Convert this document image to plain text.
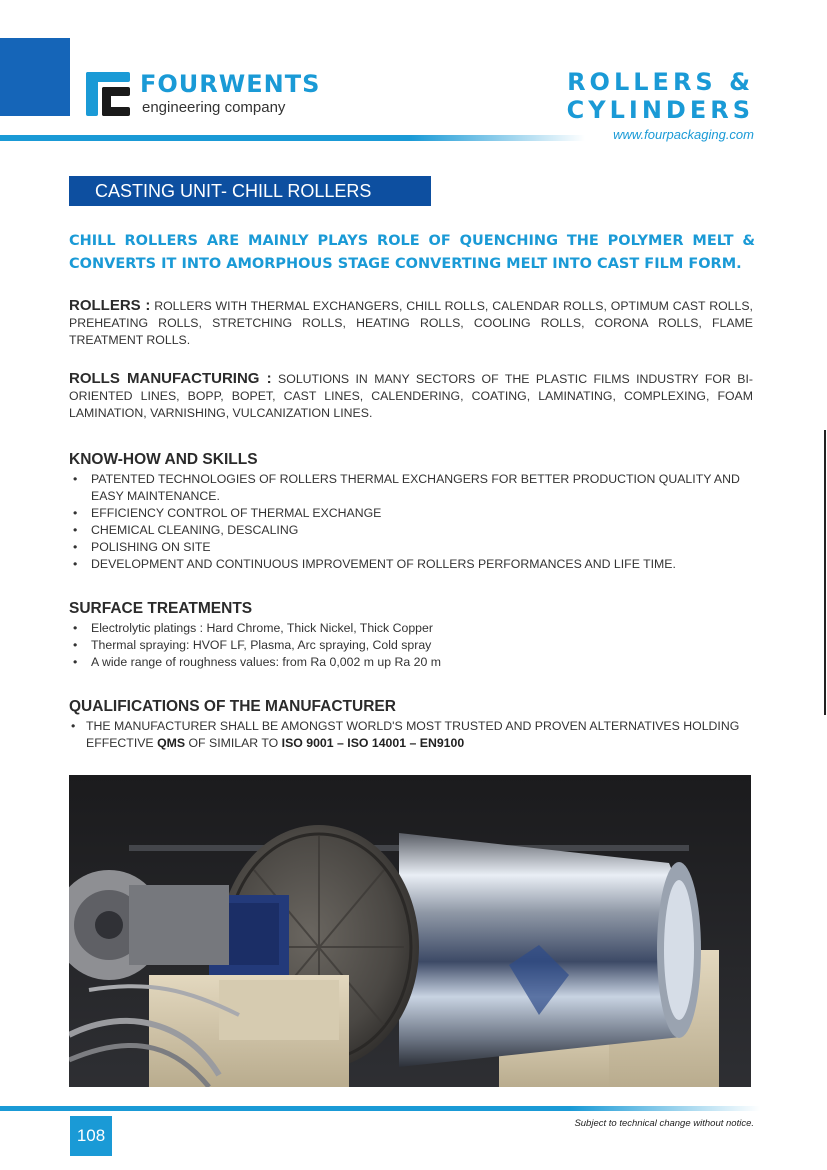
FOURWENTS
engineering company
ROLLERS &
CYLINDERS
www.fourpackaging.com
CASTING UNIT- CHILL ROLLERS
CHILL ROLLERS ARE MAINLY PLAYS ROLE OF QUENCHING THE POLYMER MELT & CONVERTS IT INTO AMORPHOUS STAGE CONVERTING MELT INTO CAST FILM FORM.
ROLLERS : ROLLERS WITH THERMAL EXCHANGERS, CHILL ROLLS, CALENDAR ROLLS, OPTIMUM CAST ROLLS, PREHEATING ROLLS, STRETCHING ROLLS, HEATING ROLLS, COOLING ROLLS, CORONA ROLLS, FLAME TREATMENT ROLLS.
ROLLS MANUFACTURING : SOLUTIONS IN MANY SECTORS OF THE PLASTIC FILMS INDUSTRY FOR BI-ORIENTED LINES, BOPP, BOPET, CAST LINES, CALENDERING, COATING, LAMINATING, COMPLEXING, FOAM LAMINATION, VARNISHING, VULCANIZATION LINES.
KNOW-HOW AND SKILLS
• PATENTED TECHNOLOGIES OF ROLLERS THERMAL EXCHANGERS FOR BETTER PRODUCTION QUALITY AND EASY MAINTENANCE.
• EFFICIENCY CONTROL OF THERMAL EXCHANGE
• CHEMICAL CLEANING, DESCALING
• POLISHING ON SITE
• DEVELOPMENT AND CONTINUOUS IMPROVEMENT OF ROLLERS PERFORMANCES AND LIFE TIME.
SURFACE TREATMENTS
• Electrolytic platings : Hard Chrome, Thick Nickel, Thick Copper
• Thermal spraying: HVOF LF, Plasma, Arc spraying, Cold spray
• A wide range of roughness values: from Ra 0,002 m up Ra 20 m
QUALIFICATIONS OF THE MANUFACTURER
• THE MANUFACTURER SHALL BE AMONGST WORLD'S MOST TRUSTED AND PROVEN ALTERNATIVES HOLDING EFFECTIVE QMS OF SIMILAR TO ISO 9001 – ISO 14001 – EN9100
108
Subject to technical change without notice.
